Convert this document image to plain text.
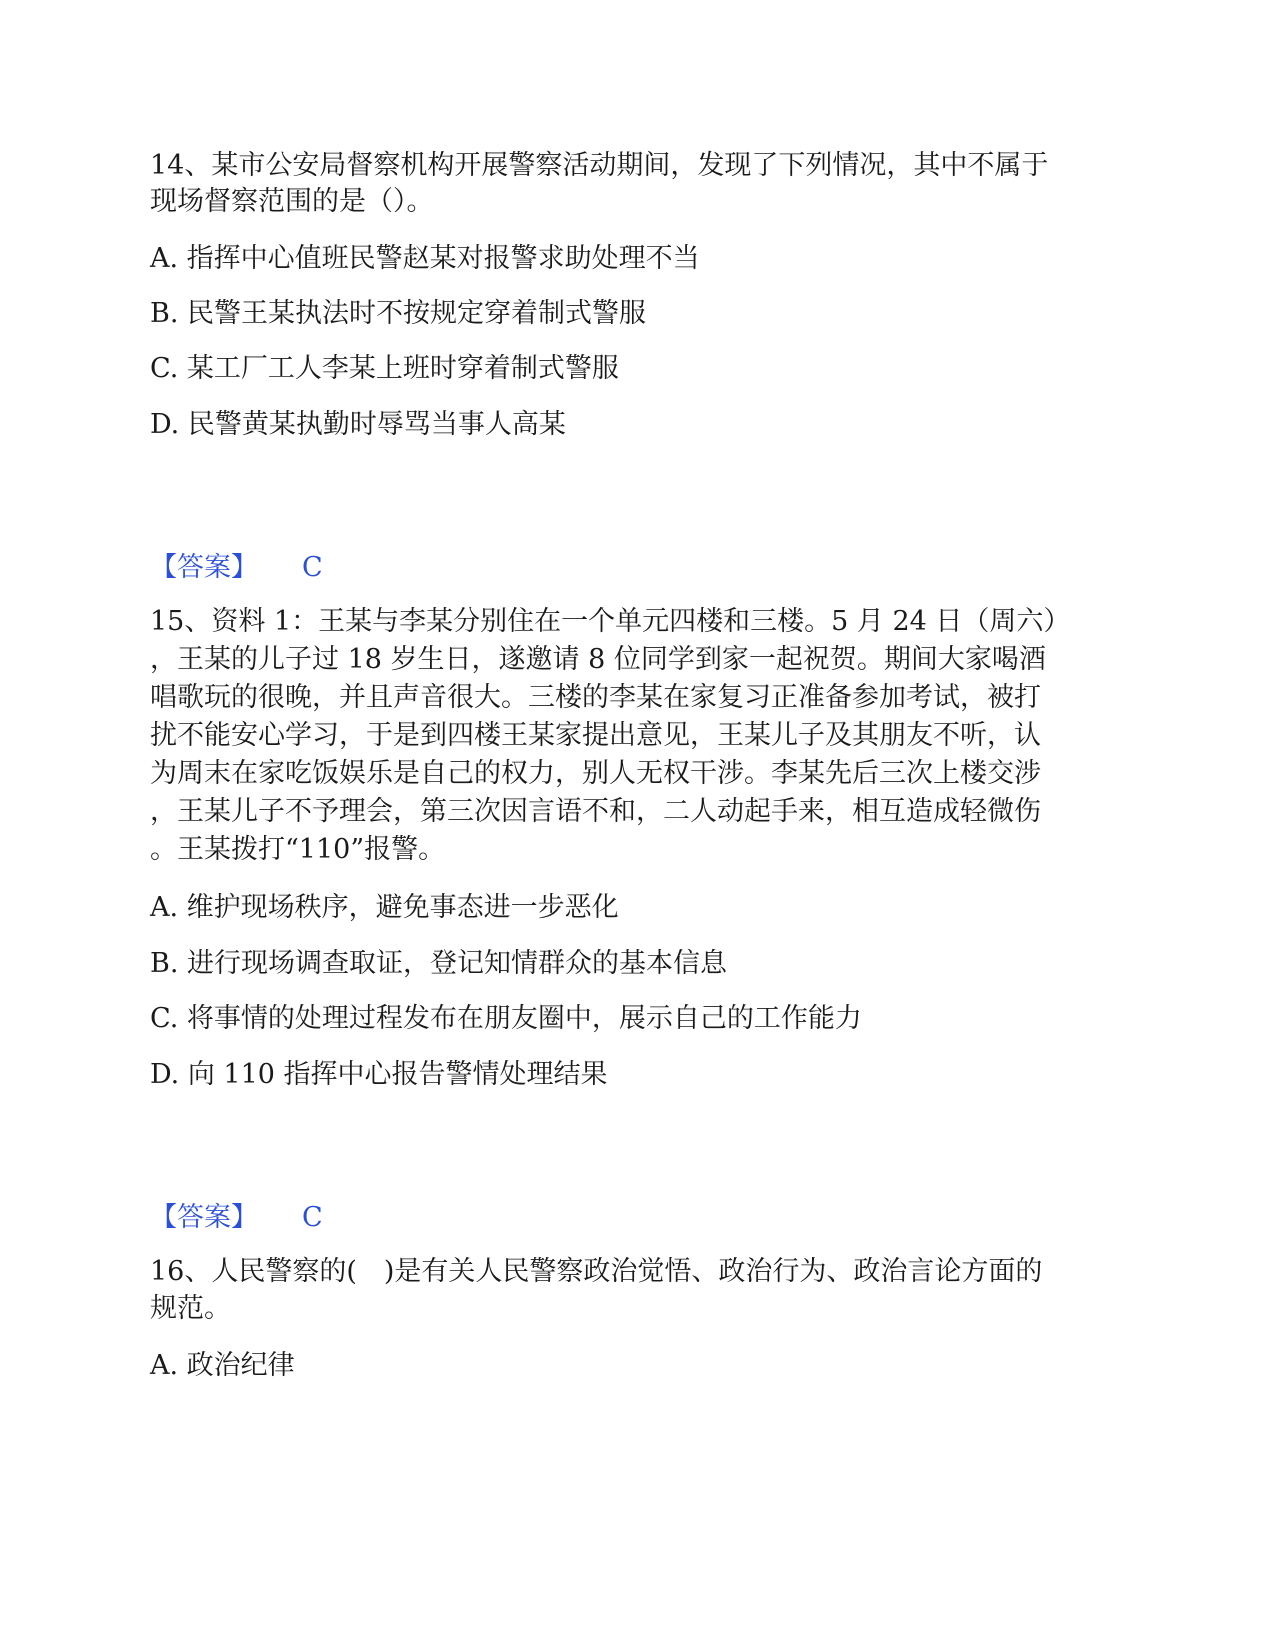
14、某市公安局督察机构开展警察活动期间，发现了下列情况，其中不属于
现场督察范围的是（）。
A. 指挥中心值班民警赵某对报警求助处理不当
B. 民警王某执法时不按规定穿着制式警服
C. 某工厂工人李某上班时穿着制式警服
D. 民警黄某执勤时辱骂当事人高某
【答案】 C
15、资料 1：王某与李某分别住在一个单元四楼和三楼。5 月 24 日（周六）
，王某的儿子过 18 岁生日，遂邀请 8 位同学到家一起祝贺。期间大家喝酒
唱歌玩的很晚，并且声音很大。三楼的李某在家复习正准备参加考试，被打
扰不能安心学习，于是到四楼王某家提出意见，王某儿子及其朋友不听，认
为周末在家吃饭娱乐是自己的权力，别人无权干涉。李某先后三次上楼交涉
，王某儿子不予理会，第三次因言语不和，二人动起手来，相互造成轻微伤
。王某拨打“110”报警。
A. 维护现场秩序，避免事态进一步恶化
B. 进行现场调查取证，登记知情群众的基本信息
C. 将事情的处理过程发布在朋友圈中，展示自己的工作能力
D. 向 110 指挥中心报告警情处理结果
【答案】 C
16、人民警察的(　)是有关人民警察政治觉悟、政治行为、政治言论方面的
规范。
A. 政治纪律
